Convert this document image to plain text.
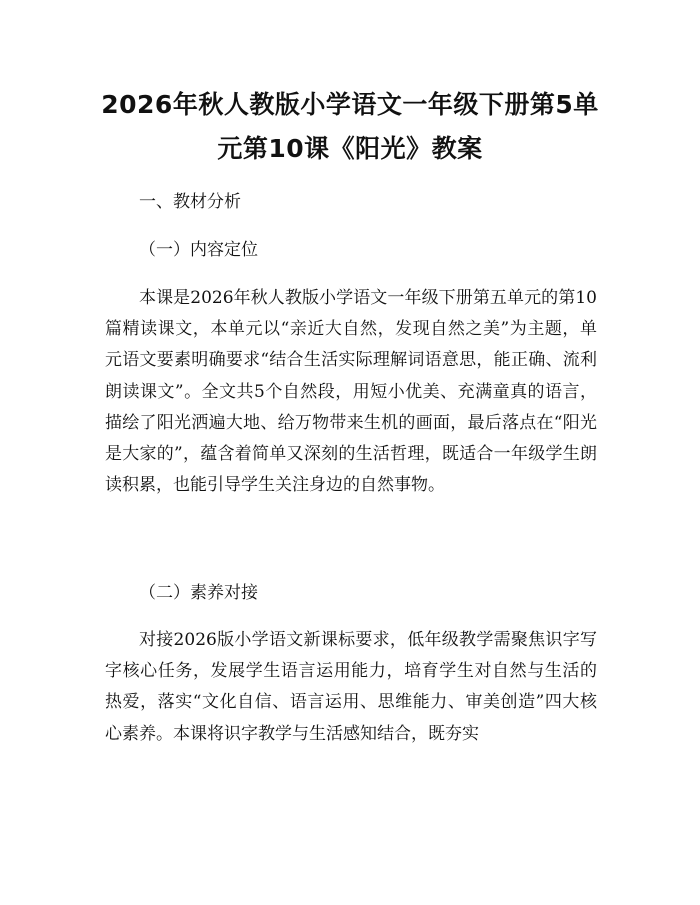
2026年秋人教版小学语文一年级下册第5单
元第10课《阳光》教案
一、教材分析
（一）内容定位

本课是2026年秋人教版小学语文一年级下册第五单元的第10篇精读课文，本单元以“亲近大自然，发现自然之美”为主题，单元语文要素明确要求“结合生活实际理解词语意思，能正确、流利朗读课文”。全文共5个自然段，用短小优美、充满童真的语言，描绘了阳光洒遍大地、给万物带来生机的画面，最后落点在“阳光是大家的”，蕴含着简单又深刻的生活哲理，既适合一年级学生朗读积累，也能引导学生关注身边的自然事物。

（二）素养对接

对接2026版小学语文新课标要求，低年级教学需聚焦识字写字核心任务，发展学生语言运用能力，培育学生对自然与生活的热爱，落实“文化自信、语言运用、思维能力、审美创造”四大核心素养。本课将识字教学与生活感知结合，既夯实
